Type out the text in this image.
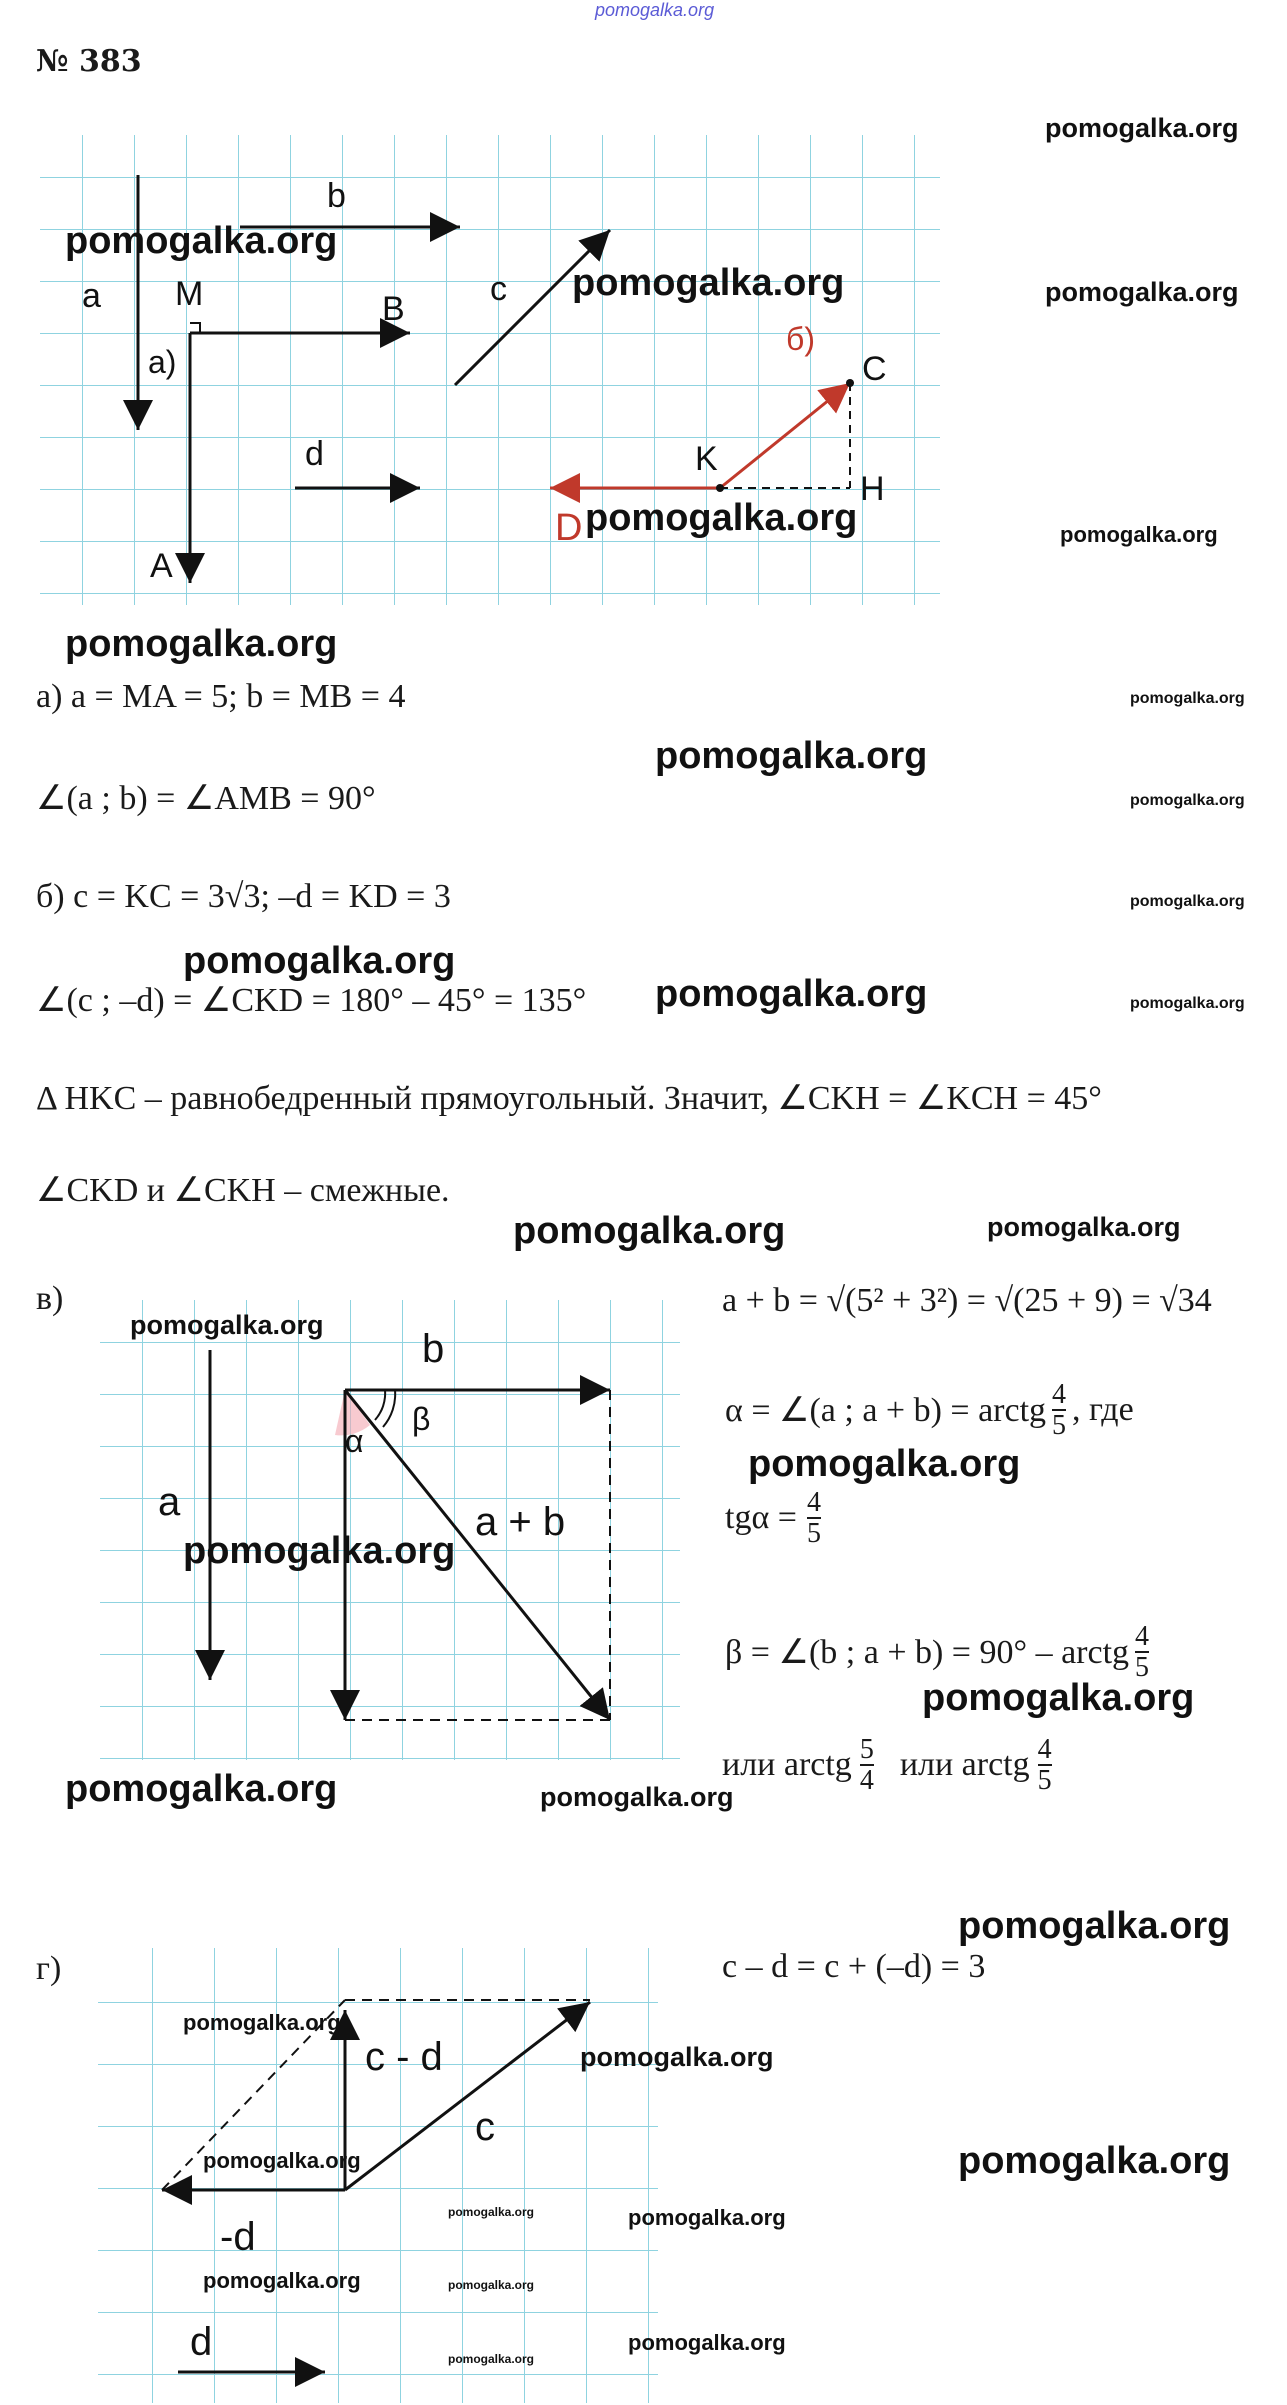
pomogalka.org
№ 383
a
b
c
d
M	B
а)
A
б)
C
K
H
D
pomogalka.org
pomogalka.org
pomogalka.org
pomogalka.org
pomogalka.org
pomogalka.org
pomogalka.org
а) a = MA = 5; b = MB = 4	pomogalka.org
pomogalka.org
∠(a ; b) = ∠AMB = 90°	pomogalka.org
б) c = KC = 3√3; –d = KD = 3	pomogalka.org
pomogalka.org
∠(c ; –d) = ∠CKD = 180° – 45° = 135° pomogalka.org	pomogalka.org
Δ HKC – равнобедренный прямоугольный. Значит, ∠CKH = ∠KCH = 45°
∠CKD и ∠CKH – смежные.
pomogalka.org	pomogalka.org
в)
a
b
α
β
a + b
pomogalka.org
pomogalka.org
pomogalka.org	pomogalka.org
a + b = √(5² + 3²) = √(25 + 9) = √34
α = ∠(a ; a + b) = arctg $\frac{4}{5}$ , где
pomogalka.org
$tg\alpha = \frac{4}{5}$
β = ∠(b ; a + b) = 90° – arctg $\frac{4}{5}$
pomogalka.org
или arctg $\frac{5}{4}$ или arctg $\frac{4}{5}$
г)
c - d
c
-d
d
c – d = c + (–d) = 3
pomogalka.org
pomogalka.org
pomogalka.org
pomogalka.org
pomogalka.org
pomogalka.org	pomogalka.org
pomogalka.org	pomogalka.org
pomogalka.org
pomogalka.org
